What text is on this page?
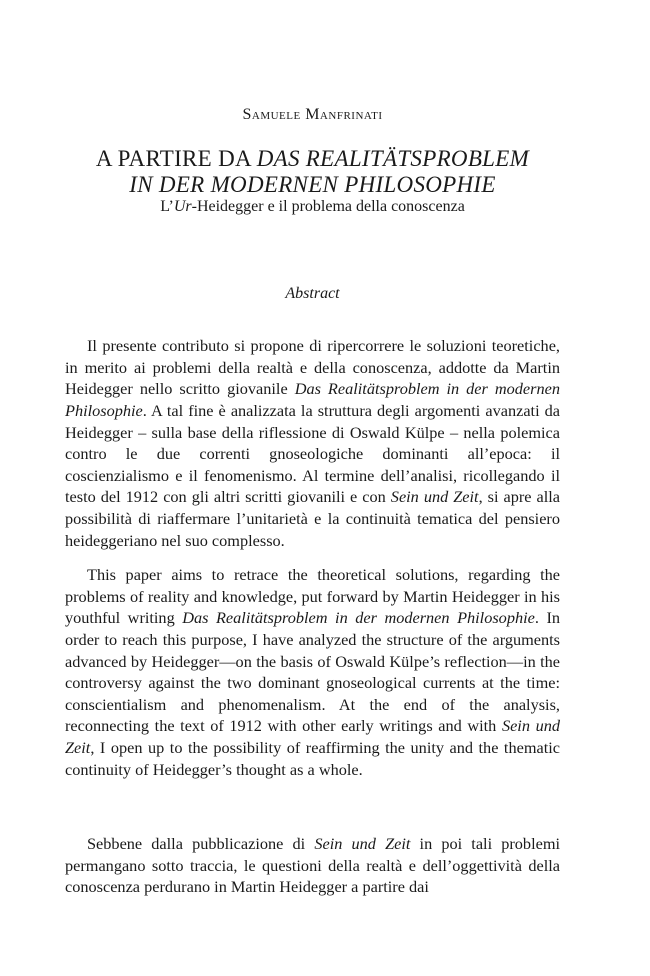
Samuele Manfrinati
A PARTIRE DA DAS REALITÄTSPROBLEM
IN DER MODERNEN PHILOSOPHIE
L’Ur-Heidegger e il problema della conoscenza
Abstract

Il presente contributo si propone di ripercorrere le soluzioni teoretiche, in merito ai problemi della realtà e della conoscenza, addotte da Martin Heidegger nello scritto giovanile Das Realitätsproblem in der modernen Philosophie. A tal fine è analizzata la struttura degli argomenti avanzati da Heidegger – sulla base della riflessione di Oswald Külpe – nella polemica contro le due correnti gnoseologiche dominanti all’epoca: il coscienzialismo e il fenomenismo. Al termine dell’analisi, ricollegando il testo del 1912 con gli altri scritti giovanili e con Sein und Zeit, si apre alla possibilità di riaffermare l’unitarietà e la continuità tematica del pensiero heideggeriano nel suo complesso.

This paper aims to retrace the theoretical solutions, regarding the problems of reality and knowledge, put forward by Martin Heidegger in his youthful writing Das Realitätsproblem in der modernen Philosophie. In order to reach this purpose, I have analyzed the structure of the arguments advanced by Heidegger—on the basis of Oswald Külpe’s reflection—in the controversy against the two dominant gnoseological currents at the time: conscientialism and phenomenalism. At the end of the analysis, reconnecting the text of 1912 with other early writings and with Sein und Zeit, I open up to the possibility of reaffirming the unity and the thematic continuity of Heidegger’s thought as a whole.

Sebbene dalla pubblicazione di Sein und Zeit in poi tali problemi permangano sotto traccia, le questioni della realtà e dell’oggettività della conoscenza perdurano in Martin Heidegger a partire dai
